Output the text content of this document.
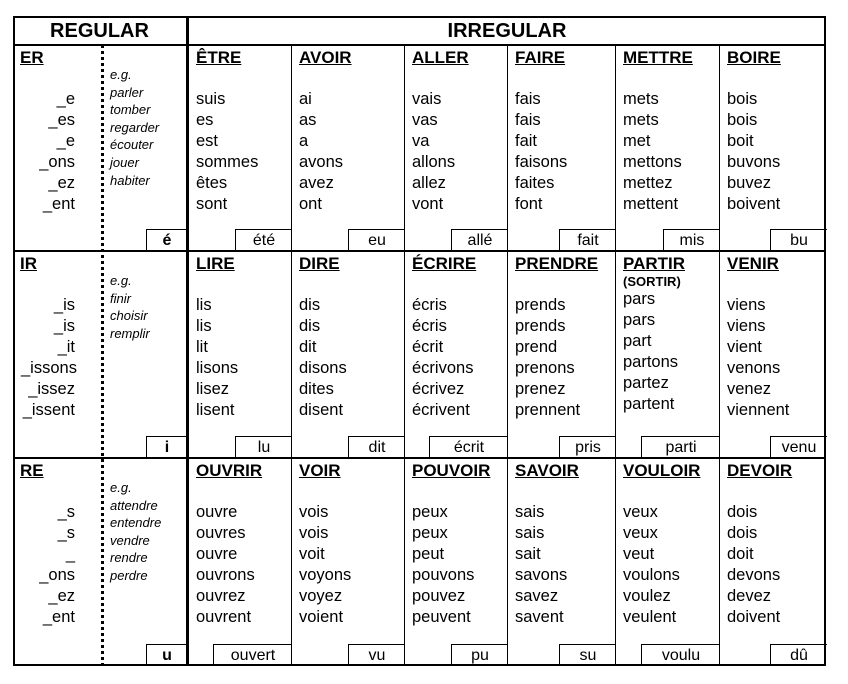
REGULAR	IRREGULAR
ER
_e
_es
_e
_ons
_ez
_ent
e.g.
parler
tomber
regarder
écouter
jouer
habiter
é
ÊTRE
suis
es
est
sommes
êtes
sont
été
AVOIR
ai
as
a
avons
avez
ont
eu
ALLER
vais
vas
va
allons
allez
vont
allé
FAIRE
fais
fais
fait
faisons
faites
font
fait
METTRE
mets
mets
met
mettons
mettez
mettent
mis
BOIRE
bois
bois
boit
buvons
buvez
boivent
bu
IR
_is
_is
_it
_issons
_issez
_issent
e.g.
finir
choisir
remplir
i
LIRE
lis
lis
lit
lisons
lisez
lisent
lu
DIRE
dis
dis
dit
disons
dites
disent
dit
ÉCRIRE
écris
écris
écrit
écrivons
écrivez
écrivent
écrit
PRENDRE
prends
prends
prend
prenons
prenez
prennent
pris
PARTIR
(SORTIR)
pars
pars
part
partons
partez
partent
parti
VENIR
viens
viens
vient
venons
venez
viennent
venu
RE
_s
_s
_
_ons
_ez
_ent
e.g.
attendre
entendre
vendre
rendre
perdre
u
OUVRIR
ouvre
ouvres
ouvre
ouvrons
ouvrez
ouvrent
ouvert
VOIR
vois
vois
voit
voyons
voyez
voient
vu
POUVOIR
peux
peux
peut
pouvons
pouvez
peuvent
pu
SAVOIR
sais
sais
sait
savons
savez
savent
su
VOULOIR
veux
veux
veut
voulons
voulez
veulent
voulu
DEVOIR
dois
dois
doit
devons
devez
doivent
dû
